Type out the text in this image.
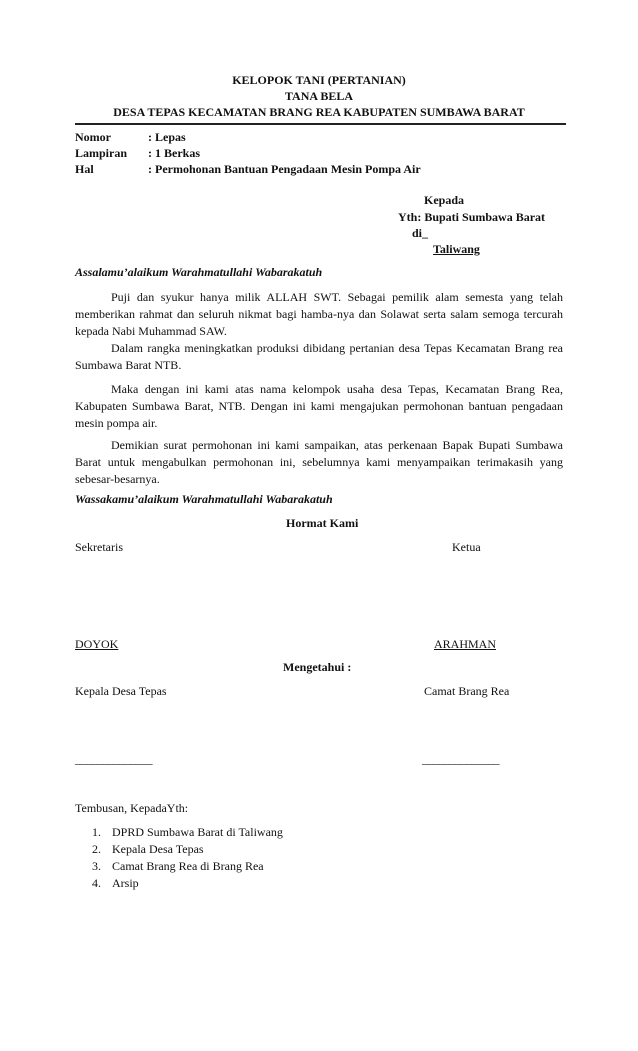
KELOPOK TANI (PERTANIAN)
TANA BELA
DESA TEPAS KECAMATAN BRANG REA KABUPATEN SUMBAWA BARAT
Nomor	: Lepas
Lampiran : 1 Berkas
Hal	: Permohonan Bantuan Pengadaan Mesin Pompa Air
Kepada
Yth: Bupati Sumbawa Barat
di_
Taliwang
Assalamu’alaikum Warahmatullahi Wabarakatuh

Puji dan syukur hanya milik ALLAH SWT. Sebagai pemilik alam semesta yang telah memberikan rahmat dan seluruh nikmat bagi hamba-nya dan Solawat serta salam semoga tercurah kepada Nabi Muhammad SAW.

Dalam rangka meningkatkan produksi dibidang pertanian desa Tepas Kecamatan Brang rea Sumbawa Barat NTB.

Maka dengan ini kami atas nama kelompok usaha desa Tepas, Kecamatan Brang Rea, Kabupaten Sumbawa Barat, NTB. Dengan ini kami mengajukan permohonan bantuan pengadaan mesin pompa air.

Demikian surat permohonan ini kami sampaikan, atas perkenaan Bapak Bupati Sumbawa Barat untuk mengabulkan permohonan ini, sebelumnya kami menyampaikan terimakasih yang sebesar-besarnya.

Wassakamu’alaikum Warahmatullahi Wabarakatuh
Hormat Kami
Sekretaris	Ketua
DOYOK	ARAHMAN
Mengetahui :
Kepala Desa Tepas	Camat Brang Rea
______________	______________
Tembusan, KepadaYth:
1. DPRD Sumbawa Barat di Taliwang
2. Kepala Desa Tepas
3. Camat Brang Rea di Brang Rea
4. Arsip
